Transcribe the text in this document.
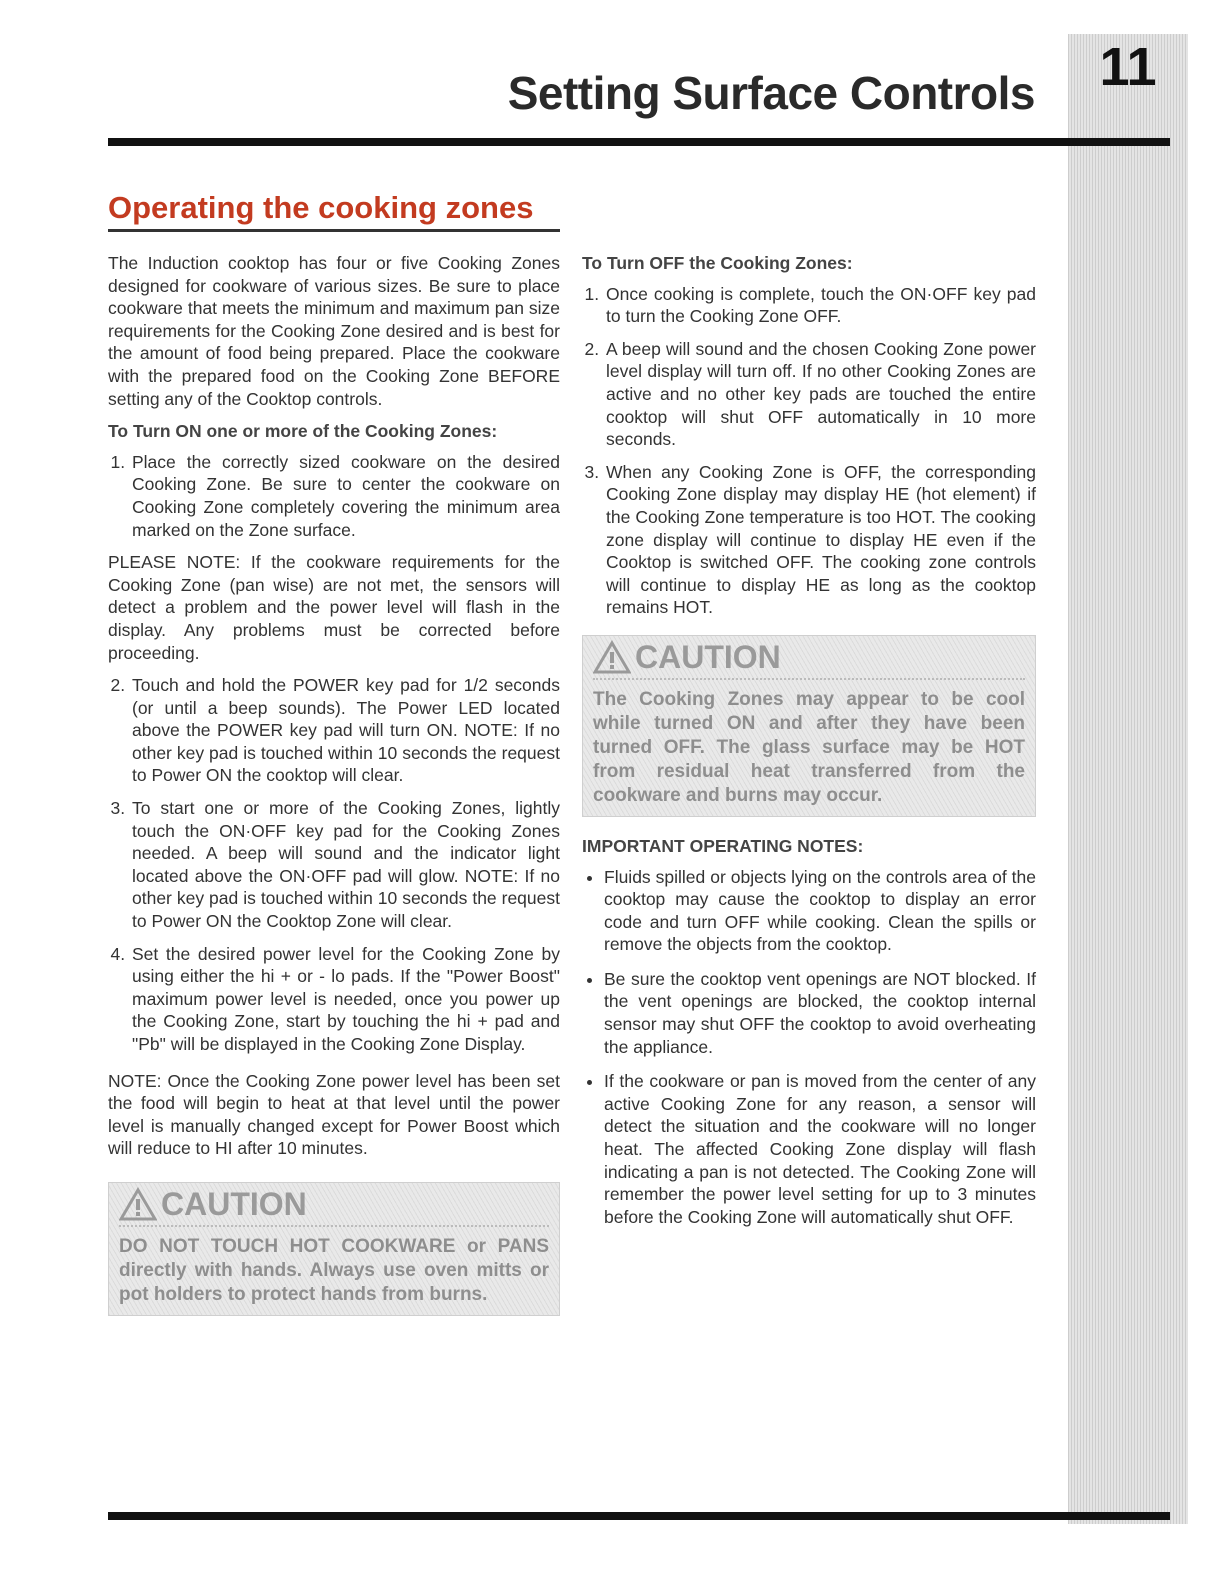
11
Setting Surface Controls
Operating the cooking zones

The Induction cooktop has four or five Cooking Zones designed for cookware of various sizes. Be sure to place cookware that meets the minimum and maximum pan size requirements for the Cooking Zone desired and is best for the amount of food being prepared. Place the cookware with the prepared food on the Cooking Zone BEFORE setting any of the Cooktop controls.

To Turn ON one or more of the Cooking Zones:
1. Place the correctly sized cookware on the desired Cooking Zone. Be sure to center the cookware on Cooking Zone completely covering the minimum area marked on the Zone surface.

PLEASE NOTE: If the cookware requirements for the Cooking Zone (pan wise) are not met, the sensors will detect a problem and the power level will flash in the display. Any problems must be corrected before proceeding.

2. Touch and hold the POWER key pad for 1/2 seconds (or until a beep sounds). The Power LED located above the POWER key pad will turn ON. NOTE: If no other key pad is touched within 10 seconds the request to Power ON the cooktop will clear.
3. To start one or more of the Cooking Zones, lightly touch the ON·OFF key pad for the Cooking Zones needed. A beep will sound and the indicator light located above the ON·OFF pad will glow. NOTE: If no other key pad is touched within 10 seconds the request to Power ON the Cooktop Zone will clear.
4. Set the desired power level for the Cooking Zone by using either the hi + or - lo pads. If the "Power Boost" maximum power level is needed, once you power up the Cooking Zone, start by touching the hi + pad and "Pb" will be displayed in the Cooking Zone Display.

NOTE: Once the Cooking Zone power level has been set the food will begin to heat at that level until the power level is manually changed except for Power Boost which will reduce to HI after 10 minutes.

CAUTION
DO NOT TOUCH HOT COOKWARE or PANS directly with hands. Always use oven mitts or pot holders to protect hands from burns.
To Turn OFF the Cooking Zones:
1. Once cooking is complete, touch the ON·OFF key pad to turn the Cooking Zone OFF.
2. A beep will sound and the chosen Cooking Zone power level display will turn off. If no other Cooking Zones are active and no other key pads are touched the entire cooktop will shut OFF automatically in 10 more seconds.
3. When any Cooking Zone is OFF, the corresponding Cooking Zone display may display HE (hot element) if the Cooking Zone temperature is too HOT. The cooking zone display will continue to display HE even if the Cooktop is switched OFF. The cooking zone controls will continue to display HE as long as the cooktop remains HOT.
CAUTION
The Cooking Zones may appear to be cool while turned ON and after they have been turned OFF. The glass surface may be HOT from residual heat transferred from the cookware and burns may occur.
IMPORTANT OPERATING NOTES:
• Fluids spilled or objects lying on the controls area of the cooktop may cause the cooktop to display an error code and turn OFF while cooking. Clean the spills or remove the objects from the cooktop.
• Be sure the cooktop vent openings are NOT blocked. If the vent openings are blocked, the cooktop internal sensor may shut OFF the cooktop to avoid overheating the appliance.
• If the cookware or pan is moved from the center of any active Cooking Zone for any reason, a sensor will detect the situation and the cookware will no longer heat. The affected Cooking Zone display will flash indicating a pan is not detected. The Cooking Zone will remember the power level setting for up to 3 minutes before the Cooking Zone will automatically shut OFF.
